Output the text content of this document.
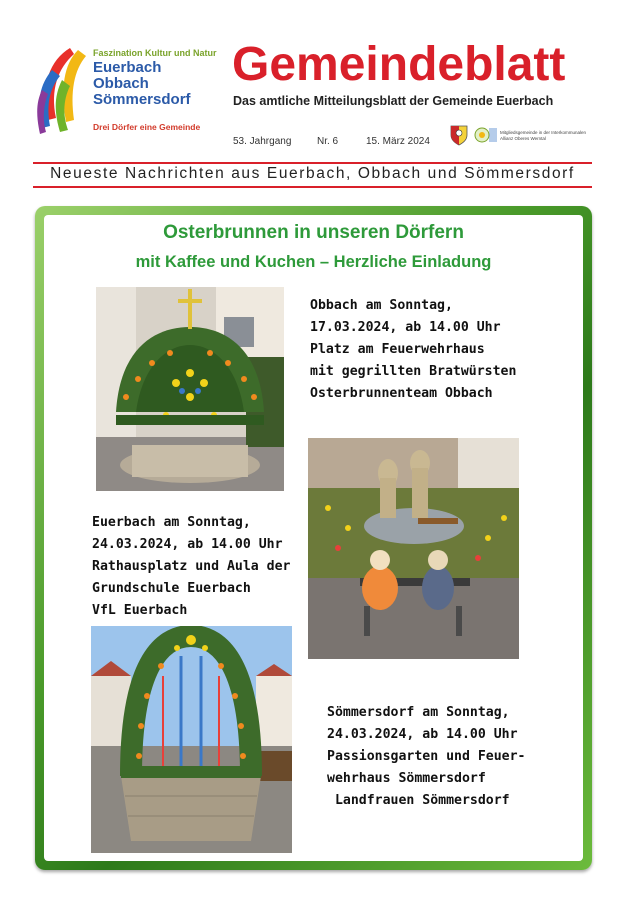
Faszination Kultur und Natur
Euerbach
Obbach
Sömmersdorf
Drei Dörfer eine Gemeinde
Gemeindeblatt
Das amtliche Mitteilungsblatt der Gemeinde Euerbach
53. Jahrgang	Nr. 6	15. März 2024
Mitgliedsgemeinde in der Interkommunalen Allianz Oberes Werntal
Neueste Nachrichten aus Euerbach, Obbach und Sömmersdorf
Osterbrunnen in unseren Dörfern
mit Kaffee und Kuchen – Herzliche Einladung
Obbach am Sonntag,
17.03.2024, ab 14.00 Uhr
Platz am Feuerwehrhaus
mit gegrillten Bratwürsten
Osterbrunnenteam Obbach
Euerbach am Sonntag,
24.03.2024, ab 14.00 Uhr
Rathausplatz und Aula der
Grundschule Euerbach
VfL Euerbach
Sömmersdorf am Sonntag,
24.03.2024, ab 14.00 Uhr
Passionsgarten und Feuer-
wehrhaus Sömmersdorf
Landfrauen Sömmersdorf
